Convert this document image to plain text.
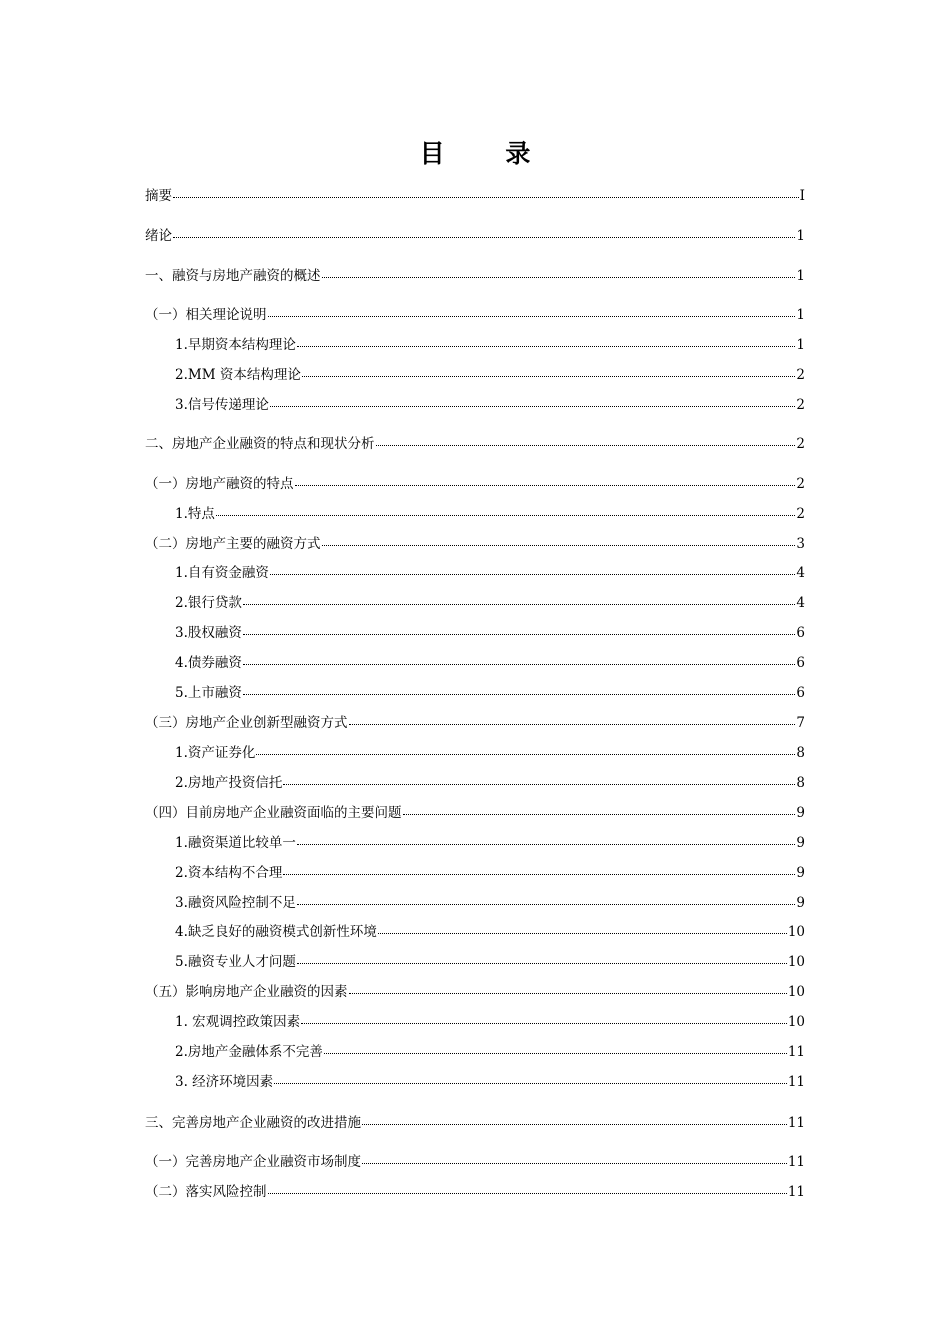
目 录
摘要	I
绪论	1
一、融资与房地产融资的概述	1
（一）相关理论说明	1
1.早期资本结构理论	1
2.MM 资本结构理论	2
3.信号传递理论	2
二、房地产企业融资的特点和现状分析	2
（一）房地产融资的特点	2
1.特点	2
（二）房地产主要的融资方式	3
1.自有资金融资	4
2.银行贷款	4
3.股权融资	6
4.债券融资	6
5.上市融资	6
（三）房地产企业创新型融资方式	7
1.资产证券化	8
2.房地产投资信托	8
（四）目前房地产企业融资面临的主要问题	9
1.融资渠道比较单一	9
2.资本结构不合理	9
3.融资风险控制不足	9
4.缺乏良好的融资模式创新性环境	10
5.融资专业人才问题	10
（五）影响房地产企业融资的因素	10
1. 宏观调控政策因素	10
2.房地产金融体系不完善	11
3. 经济环境因素	11
三、完善房地产企业融资的改进措施	11
（一）完善房地产企业融资市场制度	11
（二）落实风险控制	11
